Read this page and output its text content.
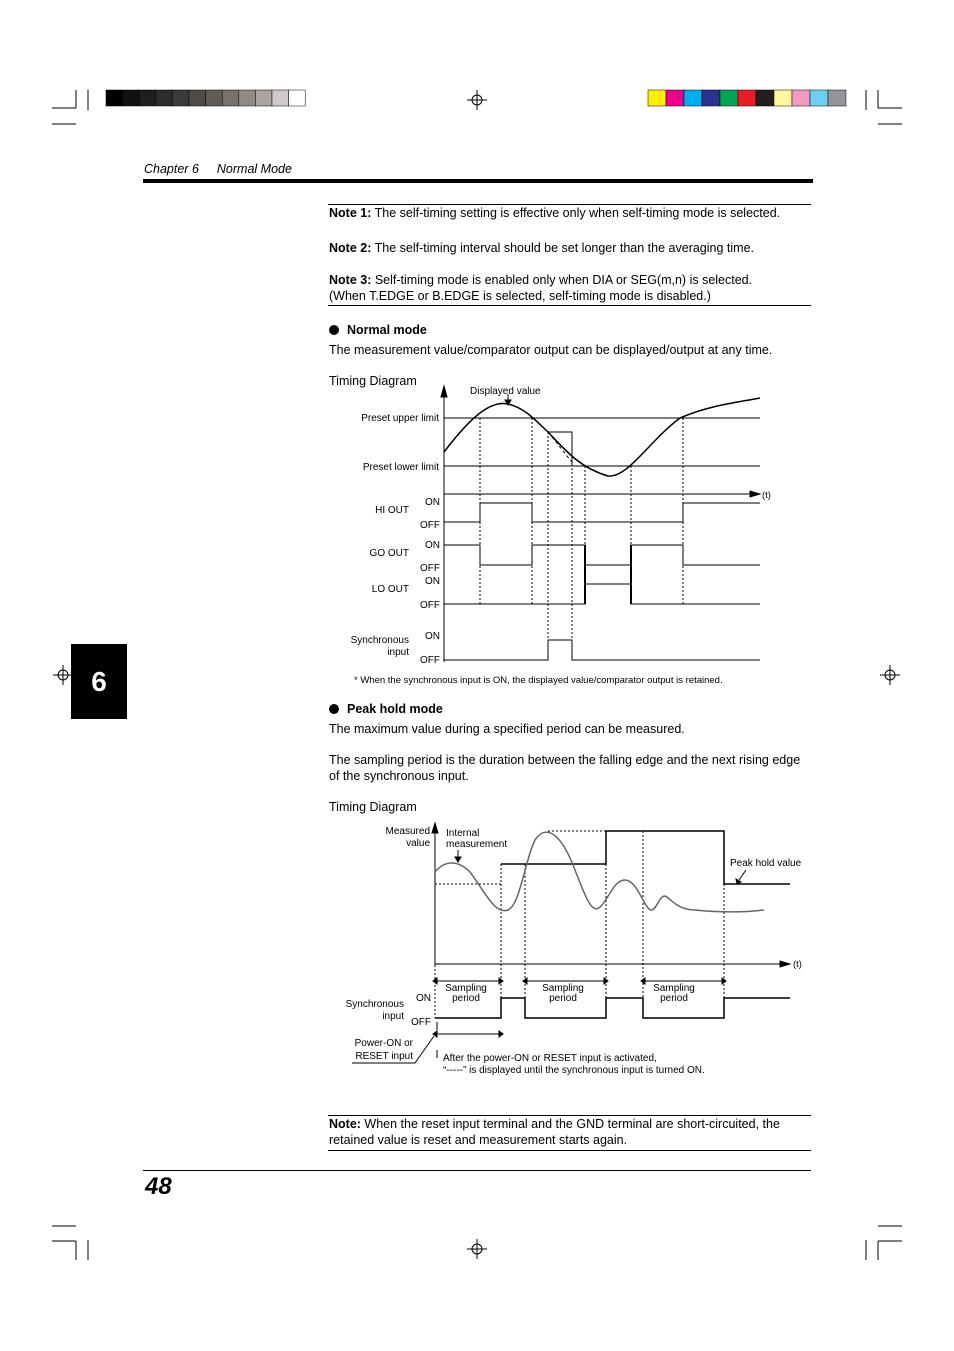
Chapter 6 Normal Mode
Note 1: The self-timing setting is effective only when self-timing mode is selected.
Note 2: The self-timing interval should be set longer than the averaging time.
Note 3: Self-timing mode is enabled only when DIA or SEG(m,n) is selected.
(When T.EDGE or B.EDGE is selected, self-timing mode is disabled.)
Normal mode
The measurement value/comparator output can be displayed/output at any time.
Timing Diagram
Displayed value
Preset upper limit
Preset lower limit
(t)
HI OUT
GO OUT
LO OUT
Synchronous
input
ON
OFF
ON
OFF
ON
OFF
ON
OFF
* When the synchronous input is ON, the displayed value/comparator output is retained.
6
Peak hold mode
The maximum value during a specified period can be measured.
The sampling period is the duration between the falling edge and the next rising edge of the synchronous input.
Timing Diagram
Measured
value
Internal
measurement
Peak hold value
(t)
Sampling
period
Sampling
period
Sampling
period
Synchronous
input
ON
OFF
Power-ON or
RESET input	After the power-ON or RESET input is activated,
“-----” is displayed until the synchronous input is turned ON.
Note: When the reset input terminal and the GND terminal are short-circuited, the retained value is reset and measurement starts again.
48
